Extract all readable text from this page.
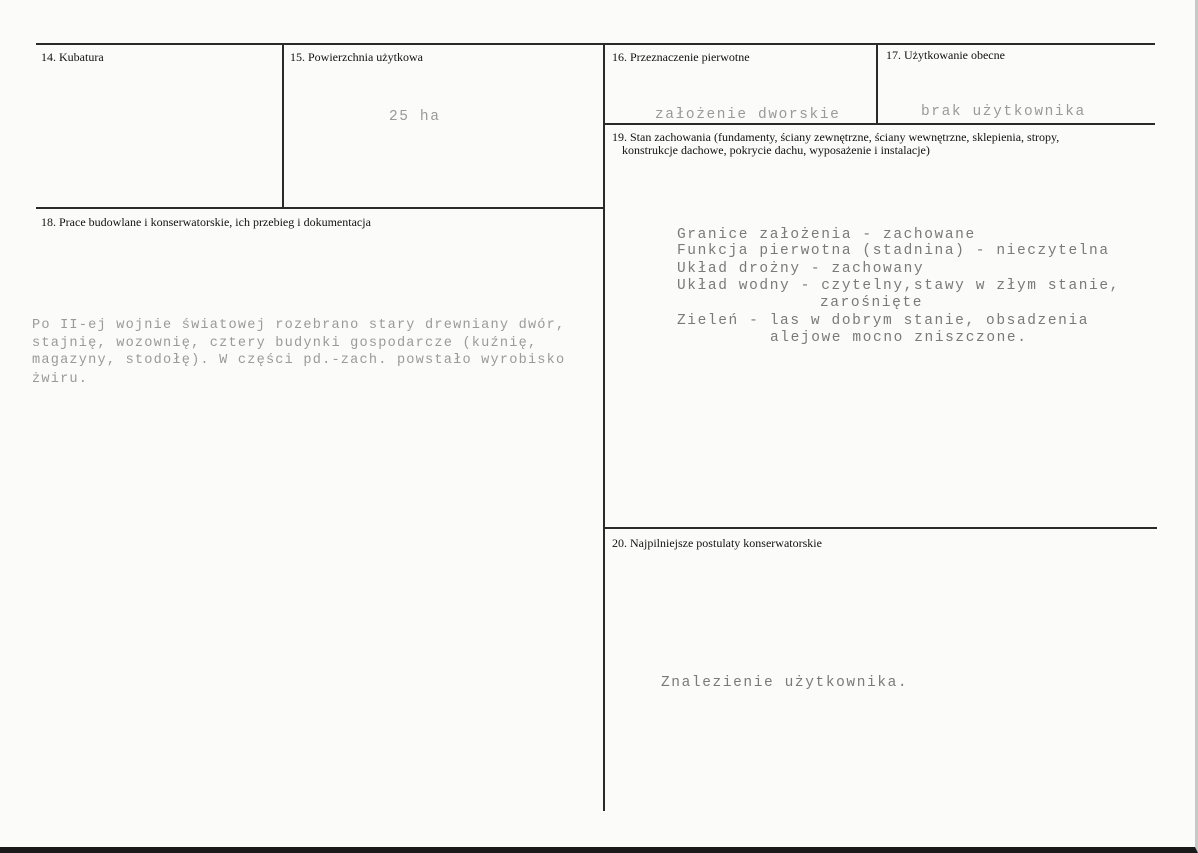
14. Kubatura	15. Powierzchnia użytkowa
25 ha
16. Przeznaczenie pierwotne
założenie dworskie
17. Użytkowanie obecne
brak użytkownika
19. Stan zachowania (fundamenty, ściany zewnętrzne, ściany wewnętrzne, sklepienia, stropy,
konstrukcje dachowe, pokrycie dachu, wyposażenie i instalacje)
Granice założenia - zachowane
Funkcja pierwotna (stadnina) - nieczytelna
Układ drożny - zachowany
Układ wodny - czytelny,stawy w złym stanie,
zarośnięte
Zieleń - las w dobrym stanie, obsadzenia
alejowe mocno zniszczone.
18. Prace budowlane i konserwatorskie, ich przebieg i dokumentacja
Po II-ej wojnie światowej rozebrano stary drewniany dwór,
stajnię, wozownię, cztery budynki gospodarcze (kuźnię,
magazyny, stodołę). W części pd.-zach. powstało wyrobisko
żwiru.
20. Najpilniejsze postulaty konserwatorskie
Znalezienie użytkownika.
